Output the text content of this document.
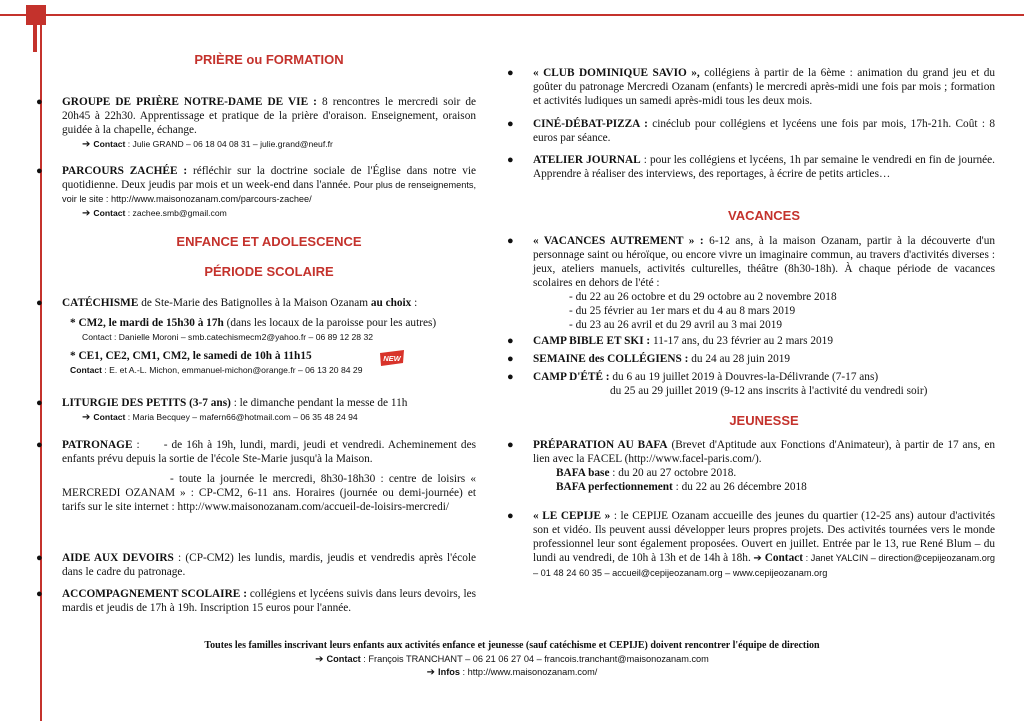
PRIÈRE ou FORMATION
● GROUPE DE PRIÈRE NOTRE-DAME DE VIE : 8 rencontres le mercredi soir de 20h45 à 22h30. Apprentissage et pratique de la prière d'oraison. Enseignement, oraison guidée à la chapelle, échange.

➔ Contact : Julie GRAND – 06 18 04 08 31 – julie.grand@neuf.fr
● PARCOURS ZACHÉE : réfléchir sur la doctrine sociale de l'Église dans notre vie quotidienne. Deux jeudis par mois et un week-end dans l'année. Pour plus de renseignements, voir le site : http://www.maisonozanam.com/parcours-zachee/

➔ Contact : zachee.smb@gmail.com
ENFANCE ET ADOLESCENCE
PÉRIODE SCOLAIRE
● CATÉCHISME de Ste-Marie des Batignolles à la Maison Ozanam au choix :

* CM2, le mardi de 15h30 à 17h (dans les locaux de la paroisse pour les autres)

Contact : Danielle Moroni – smb.catechismecm2@yahoo.fr – 06 89 12 28 32

* CE1, CE2, CM1, CM2, le samedi de 10h à 11h15

Contact : E. et A.-L. Michon, emmanuel-michon@orange.fr – 06 13 20 84 29
● LITURGIE DES PETITS (3-7 ans) : le dimanche pendant la messe de 11h

➔ Contact : Maria Becquey – mafern66@hotmail.com – 06 35 48 24 94
● PATRONAGE : - de 16h à 19h, lundi, mardi, jeudi et vendredi. Acheminement des enfants prévu depuis la sortie de l'école Ste-Marie jusqu'à la Maison.

- toute la journée le mercredi, 8h30-18h30 : centre de loisirs « MERCREDI OZANAM » : CP-CM2, 6-11 ans. Horaires (journée ou demi-journée) et tarifs sur le site internet : http://www.maisonozanam.com/accueil-de-loisirs-mercredi/

● AIDE AUX DEVOIRS : (CP-CM2) les lundis, mardis, jeudis et vendredis après l'école dans le cadre du patronage.

● ACCOMPAGNEMENT SCOLAIRE : collégiens et lycéens suivis dans leurs devoirs, les mardis et jeudis de 17h à 19h. Inscription 15 euros pour l'année.

NEW
● « CLUB DOMINIQUE SAVIO », collégiens à partir de la 6ème : animation du grand jeu et du goûter du patronage Mercredi Ozanam (enfants) le mercredi après-midi une fois par mois ; formation et activités ludiques un samedi après-midi tous les deux mois.

● CINÉ-DÉBAT-PIZZA : cinéclub pour collégiens et lycéens une fois par mois, 17h-21h. Coût : 8 euros par séance.

● ATELIER JOURNAL : pour les collégiens et lycéens, 1h par semaine le vendredi en fin de journée. Apprendre à réaliser des interviews, des reportages, à écrire de petits articles…

VACANCES
● « VACANCES AUTREMENT » : 6-12 ans, à la maison Ozanam, partir à la découverte d'un personnage saint ou héroïque, ou encore vivre un imaginaire commun, au travers d'activités diverses : jeux, ateliers manuels, activités culturelles, théâtre (8h30-18h). À chaque période de vacances scolaires en dehors de l'été :

- du 22 au 26 octobre et du 29 octobre au 2 novembre 2018

- du 25 février au 1er mars et du 4 au 8 mars 2019

- du 23 au 26 avril et du 29 avril au 3 mai 2019

● CAMP BIBLE ET SKI : 11-17 ans, du 23 février au 2 mars 2019

● SEMAINE des COLLÉGIENS : du 24 au 28 juin 2019

● CAMP D'ÉTÉ : du 6 au 19 juillet 2019 à Douvres-la-Délivrande (7-17 ans)

du 25 au 29 juillet 2019 (9-12 ans inscrits à l'activité du vendredi soir)

JEUNESSE
● PRÉPARATION AU BAFA (Brevet d'Aptitude aux Fonctions d'Animateur), à partir de 17 ans, en lien avec la FACEL (http://www.facel-paris.com/).

BAFA base : du 20 au 27 octobre 2018.

BAFA perfectionnement : du 22 au 26 décembre 2018

● « LE CEPIJE » : le CEPIJE Ozanam accueille des jeunes du quartier (12-25 ans) autour d'activités son et vidéo. Ils peuvent aussi développer leurs propres projets. Des activités tournées vers le monde professionnel leur sont également proposées. Ouvert en juillet. Entrée par le 13, rue René Blum – du lundi au vendredi, de 10h à 13h et de 14h à 18h. ➔ Contact : Janet YALCIN – direction@cepijeozanam.org – 01 48 24 60 35 – accueil@cepijeozanam.org – www.cepijeozanam.org

Toutes les familles inscrivant leurs enfants aux activités enfance et jeunesse (sauf catéchisme et CEPIJE) doivent rencontrer l'équipe de direction
➔ Contact : François TRANCHANT – 06 21 06 27 04 – francois.tranchant@maisonozanam.com
➔ Infos : http://www.maisonozanam.com/
